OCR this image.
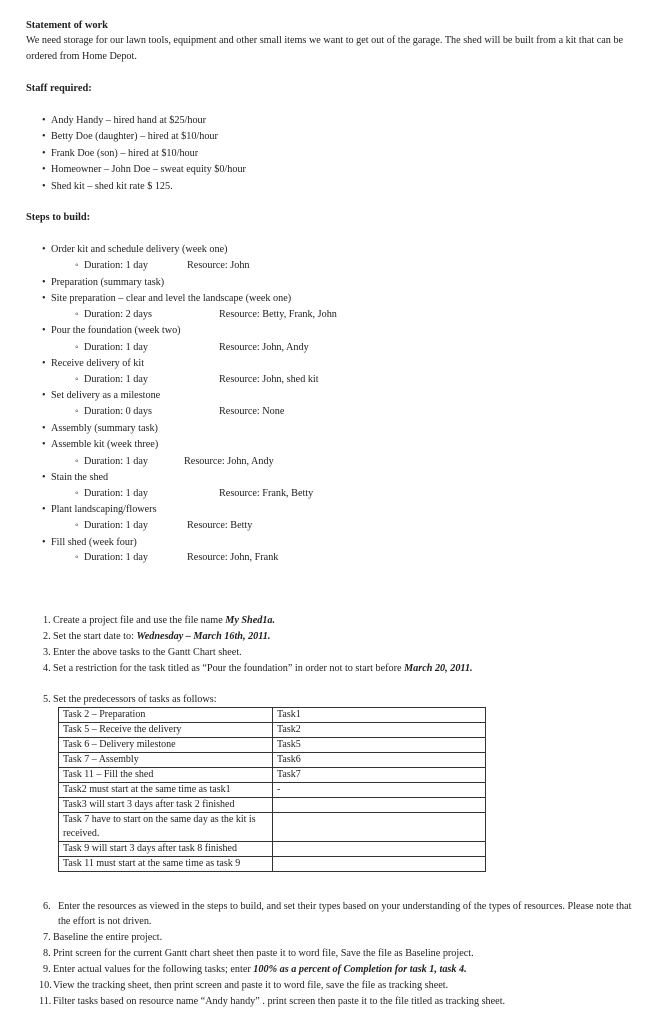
Statement of work
We need storage for our lawn tools, equipment and other small items we want to get out of the garage. The shed will be built from a kit that can be
ordered from Home Depot.
Staff required:
• Andy Handy – hired hand at $25/hour
• Betty Doe (daughter) – hired at $10/hour
• Frank Doe (son) – hired at $10/hour
• Homeowner – John Doe – sweat equity $0/hour
• Shed kit – shed kit rate $ 125.
Steps to build:
• Order kit and schedule delivery (week one)
◦ Duration: 1 day	Resource: John
• Preparation (summary task)
• Site preparation – clear and level the landscape (week one)
◦ Duration: 2 days	Resource: Betty, Frank, John
• Pour the foundation (week two)
◦ Duration: 1 day	Resource: John, Andy
• Receive delivery of kit
◦ Duration: 1 day	Resource: John, shed kit
• Set delivery as a milestone
◦ Duration: 0 days	Resource: None
• Assembly (summary task)
• Assemble kit (week three)
◦ Duration: 1 day	Resource: John, Andy
• Stain the shed
◦ Duration: 1 day	Resource: Frank, Betty
• Plant landscaping/flowers
◦ Duration: 1 day	Resource: Betty
• Fill shed (week four)
◦ Duration: 1 day	Resource: John, Frank
1. Create a project file and use the file name My Shed1a.
2. Set the start date to: Wednesday – March 16th, 2011.
3. Enter the above tasks to the Gantt Chart sheet.
4. Set a restriction for the task titled as “Pour the foundation” in order not to start before March 20, 2011.
5. Set the predecessors of tasks as follows:
Task 2 – Preparation	Task1
Task 5 – Receive the delivery	Task2
Task 6 – Delivery milestone	Task5
Task 7 – Assembly	Task6
Task 11 – Fill the shed	Task7
Task2 must start at the same time as task1	-
Task3 will start 3 days after task 2 finished	
Task 7 have to start on the same day as the kit is received.	
Task 9 will start 3 days after task 8 finished	
Task 11 must start at the same time as task 9	
6. Enter the resources as viewed in the steps to build, and set their types based on your understanding of the types of resources. Please note that
the effort is not driven.
7. Baseline the entire project.
8. Print screen for the current Gantt chart sheet then paste it to word file, Save the file as Baseline project.
9. Enter actual values for the following tasks; enter 100% as a percent of Completion for task 1, task 4.
10. View the tracking sheet, then print screen and paste it to word file, save the file as tracking sheet.
11. Filter tasks based on resource name “Andy handy” . print screen then paste it to the file titled as tracking sheet.
